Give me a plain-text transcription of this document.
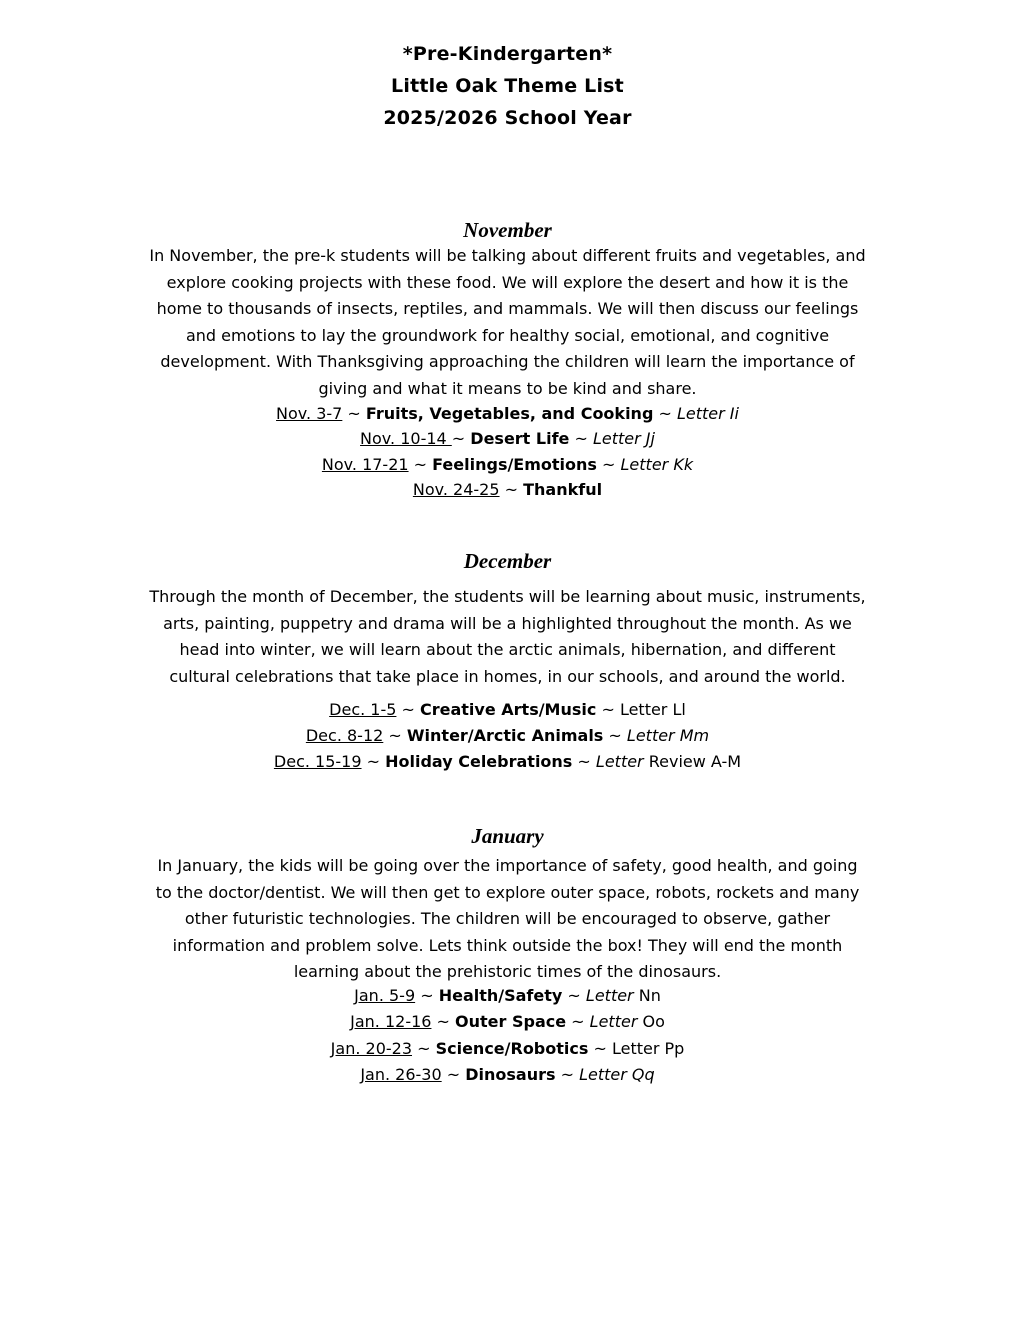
*Pre-Kindergarten*
Little Oak Theme List
2025/2026 School Year
November
In November, the pre-k students will be talking about different fruits and vegetables, and explore cooking projects with these food. We will explore the desert and how it is the home to thousands of insects, reptiles, and mammals. We will then discuss our feelings and emotions to lay the groundwork for healthy social, emotional, and cognitive development. With Thanksgiving approaching the children will learn the importance of giving and what it means to be kind and share.
Nov. 3-7 ~ Fruits, Vegetables, and Cooking ~ Letter Ii
Nov. 10-14 ~ Desert Life ~ Letter Jj
Nov. 17-21 ~ Feelings/Emotions ~ Letter Kk
Nov. 24-25 ~ Thankful
December
Through the month of December, the students will be learning about music, instruments, arts, painting, puppetry and drama will be a highlighted throughout the month. As we head into winter, we will learn about the arctic animals, hibernation, and different cultural celebrations that take place in homes, in our schools, and around the world.
Dec. 1-5 ~ Creative Arts/Music ~ Letter Ll
Dec. 8-12 ~ Winter/Arctic Animals ~ Letter Mm
Dec. 15-19 ~ Holiday Celebrations ~ Letter Review A-M
January
In January, the kids will be going over the importance of safety, good health, and going to the doctor/dentist. We will then get to explore outer space, robots, rockets and many other futuristic technologies. The children will be encouraged to observe, gather information and problem solve. Lets think outside the box! They will end the month learning about the prehistoric times of the dinosaurs.
Jan. 5-9 ~ Health/Safety ~ Letter Nn
Jan. 12-16 ~ Outer Space ~ Letter Oo
Jan. 20-23 ~ Science/Robotics ~ Letter Pp
Jan. 26-30 ~ Dinosaurs ~ Letter Qq
